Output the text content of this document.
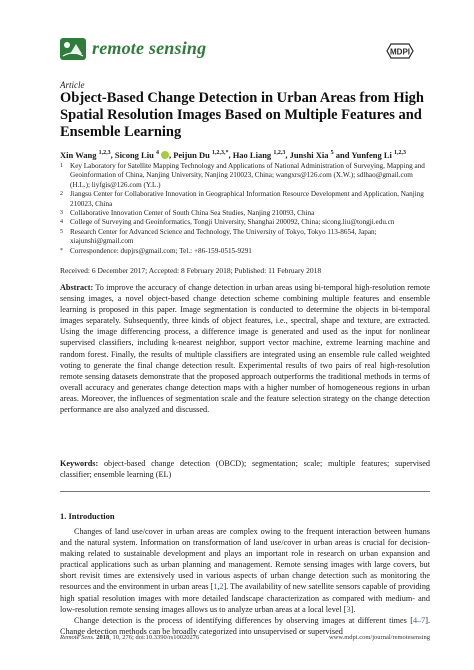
remote sensing	MDPI
Article
Object-Based Change Detection in Urban Areas from High Spatial Resolution Images Based on Multiple Features and Ensemble Learning
Xin Wang $^{1,2,3}$, Sicong Liu $^4$ , Peijun Du $^{1,2,3,*}$, Hao Liang $^{1,2,3}$, Junshi Xia $^5$ and Yunfeng Li $^{1,2,3}$
1 Key Laboratory for Satellite Mapping Technology and Applications of National Administration of Surveying, Mapping and Geoinformation of China, Nanjing University, Nanjing 210023, China; wangxrs@126.com (X.W.); sdlhao@gmail.com (H.L.); liyfgis@126.com (Y.L.)
2 Jiangsu Center for Collaborative Innovation in Geographical Information Resource Development and Application, Nanjing 210023, China
3 Collaborative Innovation Center of South China Sea Studies, Nanjing 210093, China
4 College of Surveying and Geoinformatics, Tongji University, Shanghai 200092, China; sicong.liu@tongji.edu.cn
5 Research Center for Advanced Science and Technology, The University of Tokyo, Tokyo 113-8654, Japan; xiajunshi@gmail.com
* Correspondence: dupjrs@gmail.com; Tel.: +86-159-0515-9291
Received: 6 December 2017; Accepted: 8 February 2018; Published: 11 February 2018
Abstract: To improve the accuracy of change detection in urban areas using bi-temporal high-resolution remote sensing images, a novel object-based change detection scheme combining multiple features and ensemble learning is proposed in this paper. Image segmentation is conducted to determine the objects in bi-temporal images separately. Subsequently, three kinds of object features, i.e., spectral, shape and texture, are extracted. Using the image differencing process, a difference image is generated and used as the input for nonlinear supervised classifiers, including k-nearest neighbor, support vector machine, extreme learning machine and random forest. Finally, the results of multiple classifiers are integrated using an ensemble rule called weighted voting to generate the final change detection result. Experimental results of two pairs of real high-resolution remote sensing datasets demonstrate that the proposed approach outperforms the traditional methods in terms of overall accuracy and generates change detection maps with a higher number of homogeneous regions in urban areas. Moreover, the influences of segmentation scale and the feature selection strategy on the change detection performance are also analyzed and discussed.
Keywords: object-based change detection (OBCD); segmentation; scale; multiple features; supervised classifier; ensemble learning (EL)
1. Introduction

Changes of land use/cover in urban areas are complex owing to the frequent interaction between humans and the natural system. Information on transformation of land use/cover in urban areas is crucial for decision-making related to sustainable development and plays an important role in research on urban expansion and practical applications such as urban planning and management. Remote sensing images with large covers, but short revisit times are extensively used in various aspects of urban change detection such as monitoring the resources and the environment in urban areas [1,2]. The availability of new satellite sensors capable of providing high spatial resolution images with more detailed landscape characterization as compared with medium- and low-resolution remote sensing images allows us to analyze urban areas at a local level [3].

Change detection is the process of identifying differences by observing images at different times [4–7]. Change detection methods can be broadly categorized into unsupervised or supervised

Remote Sens. 2018, 10, 276; doi:10.3390/rs10020276	www.mdpi.com/journal/remotesensing
